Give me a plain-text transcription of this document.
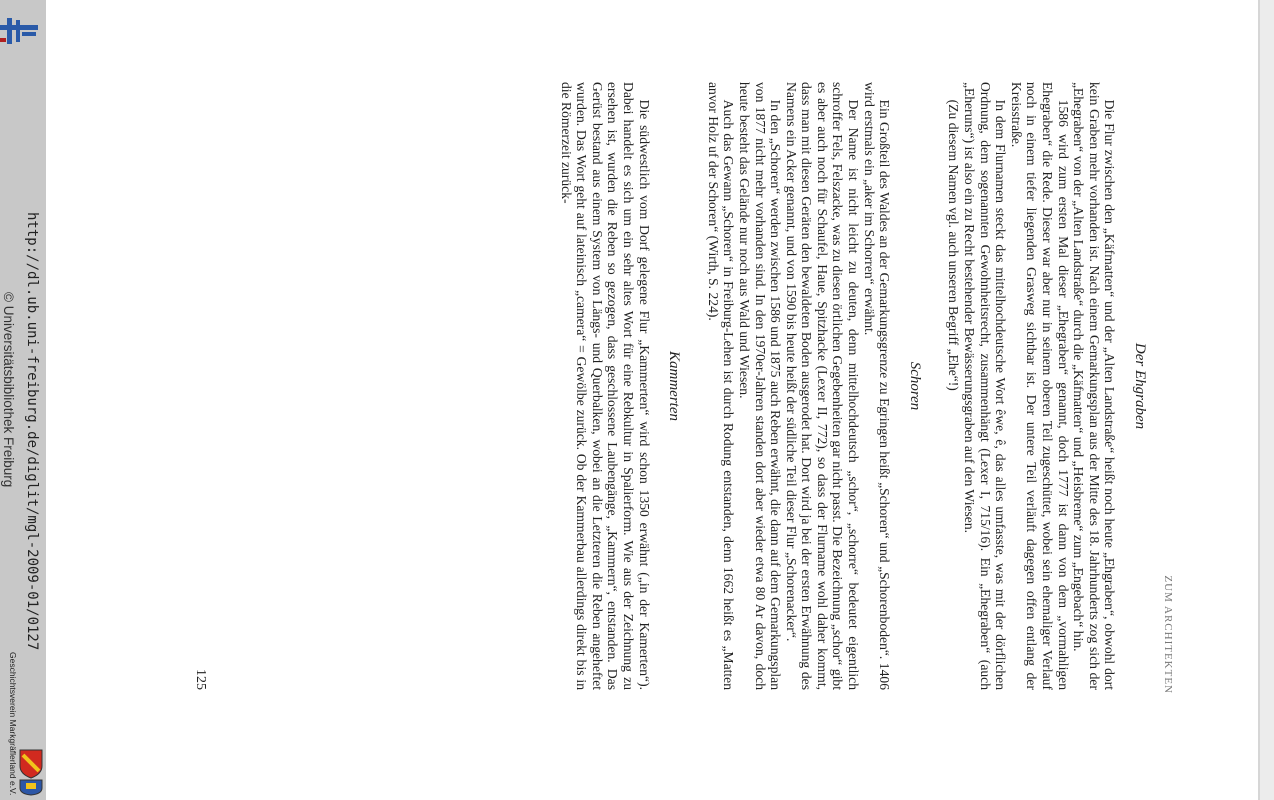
Geschichtsverein Markgräflerland e.V.
http://dl.ub.uni-freiburg.de/diglit/mgl-2009-01/0127
© Universitätsbibliothek Freiburg
ZUM ARCHITEKTEN
Der Ehgraben

Die Flur zwischen den „Käfmatten“ und der „Alten Landstraße“ heißt noch heute „Ehgraben“, obwohl dort kein Graben mehr vorhanden ist. Nach einem Gemarkungsplan aus der Mitte des 18. Jahrhunderts zog sich der „Ehegraben“ von der „Alten Landstraße“ durch die „Käfmatten“ und „Heisbreme“ zum „Engebach“ hin.

1586 wird zum ersten Mal dieser „Ehegraben“ genannt, doch 1777 ist dann von dem „vormahligen Ehegraben“ die Rede. Dieser war aber nur in seinem oberen Teil zugeschüttet, wobei sein ehemaliger Verlauf noch in einem tiefer liegenden Grasweg sichtbar ist. Der untere Teil verläuft dagegen offen entlang der Kreisstraße.

In dem Flurnamen steckt das mittelhochdeutsche Wort êwe, ê, das alles umfasste, was mit der dörflichen Ordnung, dem sogenannten Gewohnheitsrecht, zusammenhängt (Lexer I, 715/16). Ein „Ehegraben“ (auch „Eheruns“) ist also ein zu Recht bestehender Bewässerungsgraben auf den Wiesen.

(Zu diesem Namen vgl. auch unseren Begriff „Ehe“!)

Schoren

Ein Großteil des Waldes an der Gemarkungsgrenze zu Egringen heißt „Schoren“ und „Schorenboden“. 1406 wird erstmals ein „aker im Schorren“ erwähnt.

Der Name ist nicht leicht zu deuten, denn mittelhochdeutsch „schor“, „schorre“ bedeutet eigentlich schroffer Fels, Felszacke, was zu diesen örtlichen Gegebenheiten gar nicht passt. Die Bezeichnung „schor“ gibt es aber auch noch für Schaufel, Haue, Spitzhacke (Lexer II, 772), so dass der Flurname wohl daher kommt, dass man mit diesen Geräten den bewaldeten Boden ausgerodet hat. Dort wird ja bei der ersten Erwähnung des Namens ein Acker genannt, und von 1590 bis heute heißt der südliche Teil dieser Flur „Schorenacker“.

In den „Schoren“ werden zwischen 1586 und 1875 auch Reben erwähnt, die dann auf dem Gemarkungsplan von 1877 nicht mehr vorhanden sind. In den 1970er-Jahren standen dort aber wieder etwa 80 Ar davon, doch heute besteht das Gelände nur noch aus Wald und Wiesen.

Auch das Gewann „Schoren“ in Freiburg-Lehen ist durch Rodung entstanden, denn 1662 heißt es „Matten anvor Holz uf der Schoren“ (Wirth, S. 224).

Kammerten

Die südwestlich vom Dorf gelegene Flur „Kammerten“ wird schon 1350 erwähnt („in der Kamerten“). Dabei handelt es sich um ein sehr altes Wort für eine Rebkultur in Spalierform. Wie aus der Zeichnung zu ersehen ist, wurden die Reben so gezogen, dass geschlossene Laubengänge, „Kammern“, entstanden. Das Gerüst bestand aus einem System von Längs- und Querbalken, wobei an die Letzteren die Reben angeheftet wurden. Das Wort geht auf lateinisch „camera“ = Gewölbe zurück. Ob der Kammerbau allerdings direkt bis in die Römerzeit zurück-

125
